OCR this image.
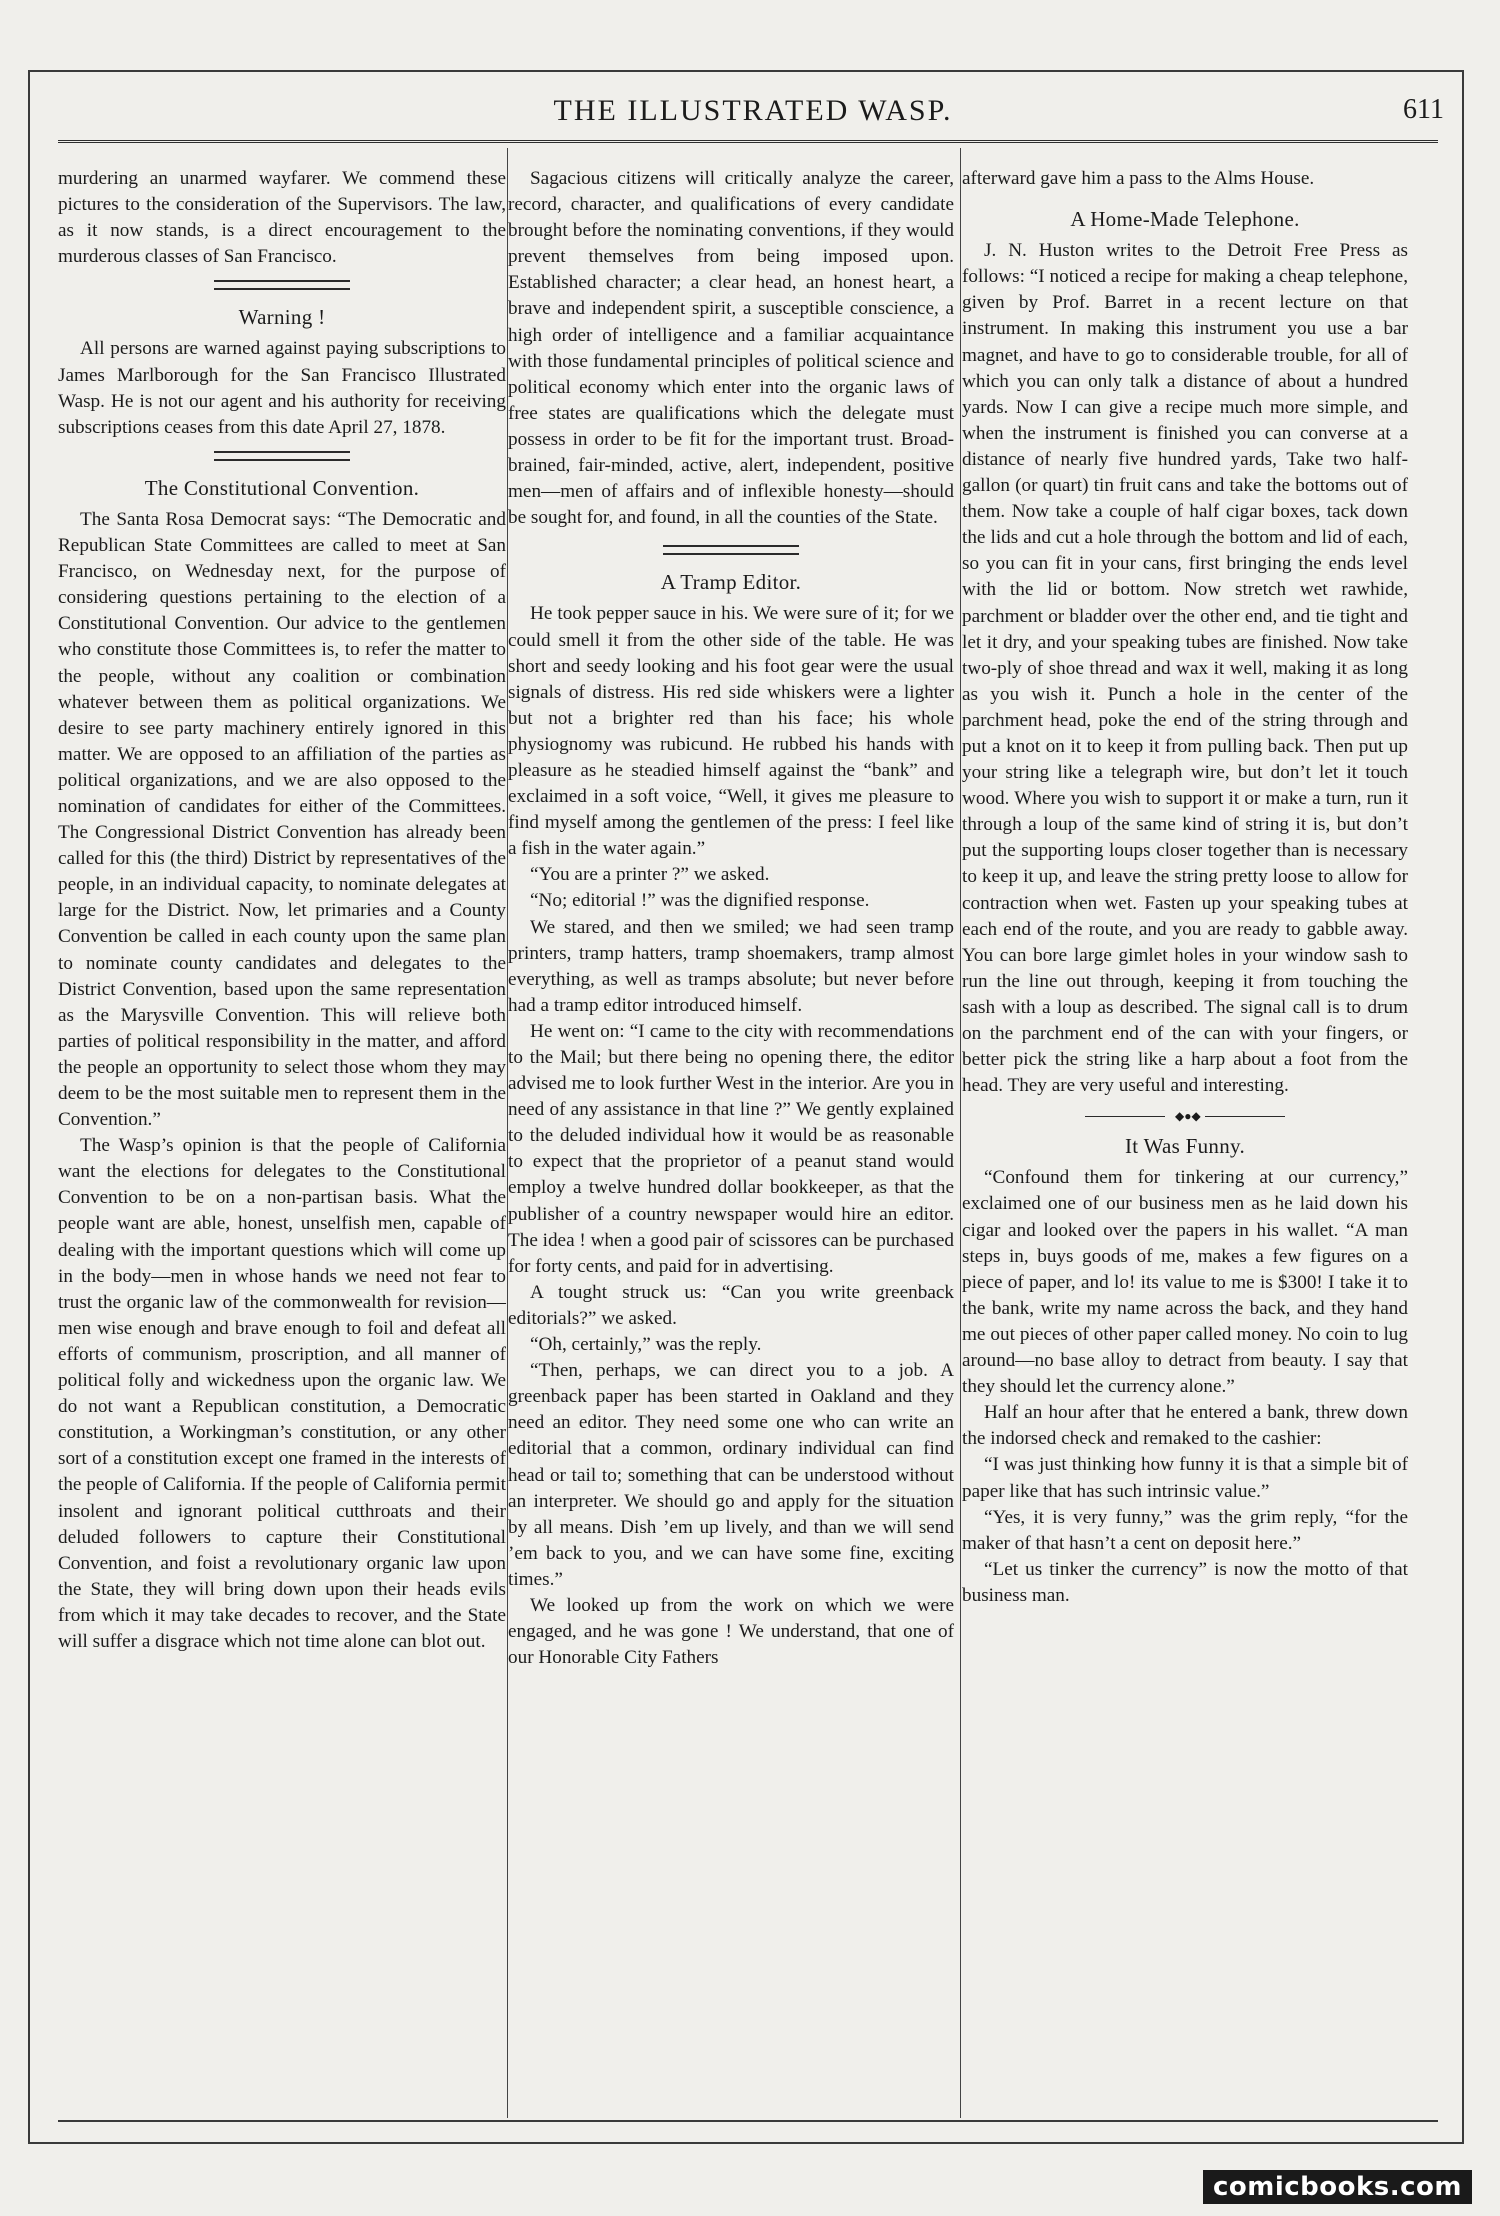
THE ILLUSTRATED WASP.	611

murdering an unarmed wayfarer. We commend these pictures to the consideration of the Supervisors. The law, as it now stands, is a direct encouragement to the murderous classes of San Francisco.

Warning !

All persons are warned against paying subscriptions to James Marlborough for the San Francisco Illustrated Wasp. He is not our agent and his authority for receiving subscriptions ceases from this date April 27, 1878.

The Constitutional Convention.

The Santa Rosa Democrat says: “The Democratic and Republican State Committees are called to meet at San Francisco, on Wednesday next, for the purpose of considering questions pertaining to the election of a Constitutional Convention. Our advice to the gentlemen who constitute those Committees is, to refer the matter to the people, without any coalition or combination whatever between them as political organizations. We desire to see party machinery entirely ignored in this matter. We are opposed to an affiliation of the parties as political organizations, and we are also opposed to the nomination of candidates for either of the Committees. The Congressional District Convention has already been called for this (the third) District by representatives of the people, in an individual capacity, to nominate delegates at large for the District. Now, let primaries and a County Convention be called in each county upon the same plan to nominate county candidates and delegates to the District Convention, based upon the same representation as the Marysville Convention. This will relieve both parties of political responsibility in the matter, and afford the people an opportunity to select those whom they may deem to be the most suitable men to represent them in the Convention.”

The Wasp’s opinion is that the people of California want the elections for delegates to the Constitutional Convention to be on a non-partisan basis. What the people want are able, honest, unselfish men, capable of dealing with the important questions which will come up in the body—men in whose hands we need not fear to trust the organic law of the commonwealth for revision—men wise enough and brave enough to foil and defeat all efforts of communism, proscription, and all manner of political folly and wickedness upon the organic law. We do not want a Republican constitution, a Democratic constitution, a Workingman’s constitution, or any other sort of a constitution except one framed in the interests of the people of California. If the people of California permit insolent and ignorant political cutthroats and their deluded followers to capture their Constitutional Convention, and foist a revolutionary organic law upon the State, they will bring down upon their heads evils from which it may take decades to recover, and the State will suffer a disgrace which not time alone can blot out.

Sagacious citizens will critically analyze the career, record, character, and qualifications of every candidate brought before the nominating conventions, if they would prevent themselves from being imposed upon. Established character; a clear head, an honest heart, a brave and independent spirit, a susceptible conscience, a high order of intelligence and a familiar acquaintance with those fundamental principles of political science and political economy which enter into the organic laws of free states are qualifications which the delegate must possess in order to be fit for the important trust. Broad-brained, fair-minded, active, alert, independent, positive men—men of affairs and of inflexible honesty—should be sought for, and found, in all the counties of the State.

A Tramp Editor.

He took pepper sauce in his. We were sure of it; for we could smell it from the other side of the table. He was short and seedy looking and his foot gear were the usual signals of distress. His red side whiskers were a lighter but not a brighter red than his face; his whole physiognomy was rubicund. He rubbed his hands with pleasure as he steadied himself against the “bank” and exclaimed in a soft voice, “Well, it gives me pleasure to find myself among the gentlemen of the press: I feel like a fish in the water again.”

“You are a printer ?” we asked.

“No; editorial !” was the dignified response.

We stared, and then we smiled; we had seen tramp printers, tramp hatters, tramp shoemakers, tramp almost everything, as well as tramps absolute; but never before had a tramp editor introduced himself.

He went on: “I came to the city with recommendations to the Mail; but there being no opening there, the editor advised me to look further West in the interior. Are you in need of any assistance in that line ?” We gently explained to the deluded individual how it would be as reasonable to expect that the proprietor of a peanut stand would employ a twelve hundred dollar bookkeeper, as that the publisher of a country newspaper would hire an editor. The idea ! when a good pair of scissores can be purchased for forty cents, and paid for in advertising.

A tought struck us: “Can you write greenback editorials?” we asked.

“Oh, certainly,” was the reply.

“Then, perhaps, we can direct you to a job. A greenback paper has been started in Oakland and they need an editor. They need some one who can write an editorial that a common, ordinary individual can find head or tail to; something that can be understood without an interpreter. We should go and apply for the situation by all means. Dish ’em up lively, and than we will send ’em back to you, and we can have some fine, exciting times.”

We looked up from the work on which we were engaged, and he was gone ! We understand, that one of our Honorable City Fathers

afterward gave him a pass to the Alms House.

A Home-Made Telephone.

J. N. Huston writes to the Detroit Free Press as follows: “I noticed a recipe for making a cheap telephone, given by Prof. Barret in a recent lecture on that instrument. In making this instrument you use a bar magnet, and have to go to considerable trouble, for all of which you can only talk a distance of about a hundred yards. Now I can give a recipe much more simple, and when the instrument is finished you can converse at a distance of nearly five hundred yards, Take two half-gallon (or quart) tin fruit cans and take the bottoms out of them. Now take a couple of half cigar boxes, tack down the lids and cut a hole through the bottom and lid of each, so you can fit in your cans, first bringing the ends level with the lid or bottom. Now stretch wet rawhide, parchment or bladder over the other end, and tie tight and let it dry, and your speaking tubes are finished. Now take two-ply of shoe thread and wax it well, making it as long as you wish it. Punch a hole in the center of the parchment head, poke the end of the string through and put a knot on it to keep it from pulling back. Then put up your string like a telegraph wire, but don’t let it touch wood. Where you wish to support it or make a turn, run it through a loup of the same kind of string it is, but don’t put the supporting loups closer together than is necessary to keep it up, and leave the string pretty loose to allow for contraction when wet. Fasten up your speaking tubes at each end of the route, and you are ready to gabble away. You can bore large gimlet holes in your window sash to run the line out through, keeping it from touching the sash with a loup as described. The signal call is to drum on the parchment end of the can with your fingers, or better pick the string like a harp about a foot from the head. They are very useful and interesting.

◆●◆
It Was Funny.

“Confound them for tinkering at our currency,” exclaimed one of our business men as he laid down his cigar and looked over the papers in his wallet. “A man steps in, buys goods of me, makes a few figures on a piece of paper, and lo! its value to me is $300! I take it to the bank, write my name across the back, and they hand me out pieces of other paper called money. No coin to lug around—no base alloy to detract from beauty. I say that they should let the currency alone.”

Half an hour after that he entered a bank, threw down the indorsed check and remaked to the cashier:

“I was just thinking how funny it is that a simple bit of paper like that has such intrinsic value.”

“Yes, it is very funny,” was the grim reply, “for the maker of that hasn’t a cent on deposit here.”

“Let us tinker the currency” is now the motto of that business man.

comicbooks.com
